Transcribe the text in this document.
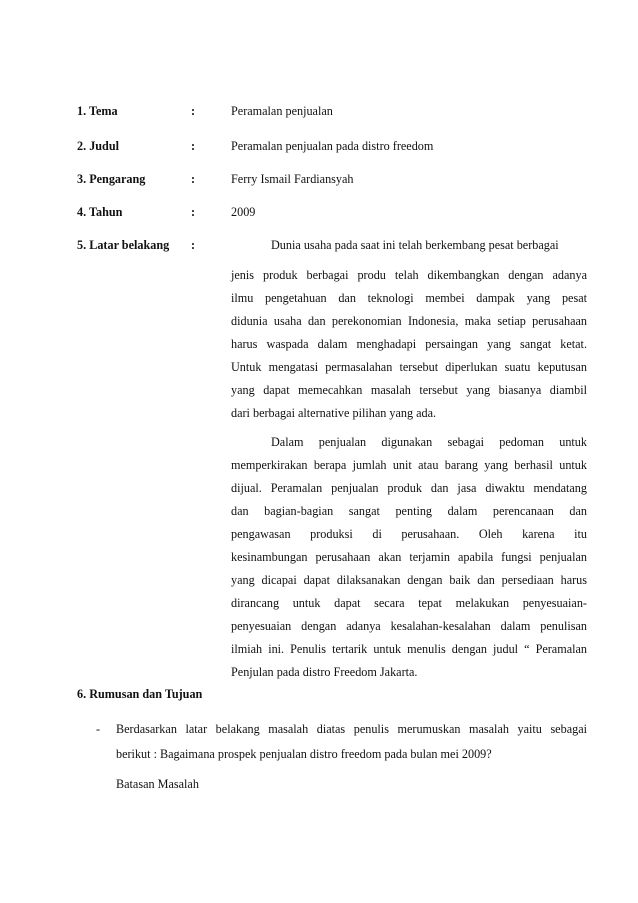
1. Tema	:	Peramalan penjualan
2. Judul	:	Peramalan penjualan pada distro freedom
3. Pengarang	:	Ferry Ismail Fardiansyah
4. Tahun	:	2009
5. Latar belakang :	Dunia usaha pada saat ini telah berkembang pesat berbagai
jenis produk berbagai produ telah dikembangkan dengan adanya
ilmu pengetahuan dan teknologi membei dampak yang pesat
didunia usaha dan perekonomian Indonesia, maka setiap perusahaan
harus waspada dalam menghadapi persaingan yang sangat ketat.
Untuk mengatasi permasalahan tersebut diperlukan suatu keputusan
yang dapat memecahkan masalah tersebut yang biasanya diambil
dari berbagai alternative pilihan yang ada.
Dalam penjualan digunakan sebagai pedoman untuk
memperkirakan berapa jumlah unit atau barang yang berhasil untuk
dijual. Peramalan penjualan produk dan jasa diwaktu mendatang
dan bagian-bagian sangat penting dalam perencanaan dan
pengawasan produksi di perusahaan. Oleh karena itu
kesinambungan perusahaan akan terjamin apabila fungsi penjualan
yang dicapai dapat dilaksanakan dengan baik dan persediaan harus
dirancang untuk dapat secara tepat melakukan penyesuaian-
penyesuaian dengan adanya kesalahan-kesalahan dalam penulisan
ilmiah ini. Penulis tertarik untuk menulis dengan judul “ Peramalan
Penjulan pada distro Freedom Jakarta.
6. Rumusan dan Tujuan
- Berdasarkan latar belakang masalah diatas penulis merumuskan masalah yaitu sebagai
berikut : Bagaimana prospek penjualan distro freedom pada bulan mei 2009?
Batasan Masalah
